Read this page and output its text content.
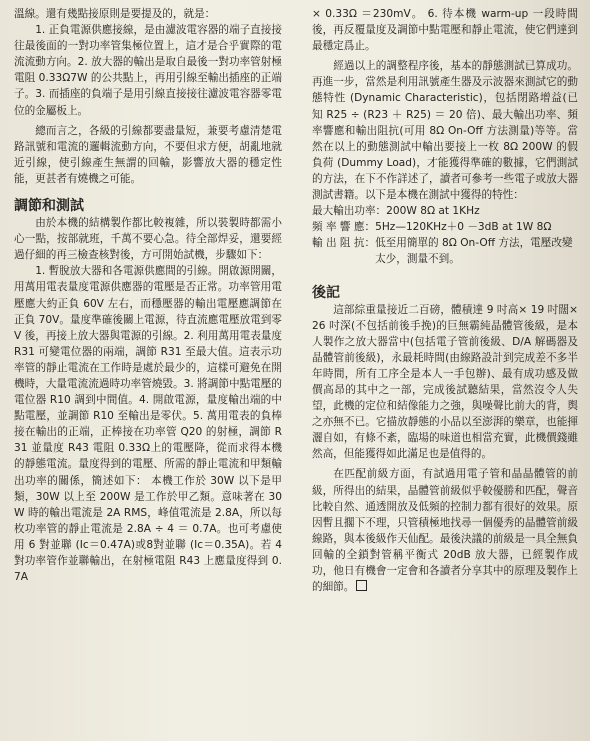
溫線。還有幾點接原則是要提及的，就是：

1. 正負電源供應接線，是由濾波電容器的端子直接接往最後面的一對功率管集極位置上，這才是合乎實際的電流流動方向。2. 放大器的輸出是取自最後一對功率管射極電阻 0.33Ω7W 的公共點上，再用引線至輸出插座的正端子。3. 而插座的負端子是用引線直接接往濾波電容器零電位的金屬板上。

總而言之，各級的引線都要盡量短，兼要考慮清楚電路訊號和電流的邏輯流動方向，不要但求方便，胡亂地就近引線，使引線產生無謂的回輸，影響放大器的穩定性能，更甚者有燒機之可能。

調節和測試

由於本機的結構製作都比較複雜，所以裝製時都需小心一點，按部就班，千萬不要心急。待全部焊妥，還要經過仔細的再三檢查核對後，方可開始試機，步驟如下：

1. 暫脫放大器和各電源供應間的引線。開啟源開關，用萬用電表量度電源供應器的電壓是否正常。功率管用電壓應大約正負 60V 左右，而穩壓器的輸出電壓應調節在正負 70V。量度準確後關上電源，待直流應電壓放電到零 V 後，再接上放大器與電源的引線。2. 利用萬用電表量度 R31 可變電位器的兩端，調節 R31 至最大值。這表示功率管的靜止電流在工作時是處於最少的，這樣可避免在開機時，大量電流流過時功率管燒毀。3. 將調節中點電壓的電位器 R10 調到中間值。4. 開啟電源，量度輸出端的中點電壓，並調節 R10 至輸出是零伏。5. 萬用電表的負棒接在輸出的正端，正棒接在功率管 Q20 的射極，調節 R31 並量度 R43 電阻 0.33Ω上的電壓降，從而求得本機的靜態電流。量度得到的電壓、所需的靜止電流和甲類輸出功率的關係，簡述如下： 本機工作於 30W 以下是甲類，30W 以上至 200W 是工作於甲乙類。意味著在 30W 時的輸出電流是 2A RMS，峰值電流是 2.8A，所以每枚功率管的靜止電流是 2.8A ÷ 4 ＝ 0.7A。也可考慮使用 6 對並聯 (Ic＝0.47A)或8對並聯 (Ic＝0.35A)。若 4 對功率管作並聯輸出，在射極電阻 R43 上應量度得到 0.7A

× 0.33Ω ＝230mV。 6. 待本機 warm-up 一段時間後，再反覆量度及調節中點電壓和靜止電流，使它們達到最穩定爲止。

經過以上的調整程序後，基本的靜態測試已算成功。再進一步，當然是利用訊號產生器及示波器來測試它的動態特性 (Dynamic Characteristic)，包括閉路增益(已知 R25 ÷ (R23 ＋ R25) ＝ 20 倍)、最大輸出功率、頻率響應和輸出阻抗(可用 8Ω On-Off 方法測量)等等。當然在以上的動態測試中輸出要接上一枚 8Ω 200W 的假負荷 (Dummy Load)，才能獲得準確的數據，它們測試的方法，在下不作詳述了，讀者可參考一些電子或放大器測試書籍。以下是本機在測試中獲得的特性：

最大輸出功率： 200W 8Ω at 1KHz
頻 率 響 應： 5Hz—120KHz＋0 －3dB at 1W 8Ω
輸 出 阻 抗： 低至用簡單的 8Ω On-Off 方法，電壓改變太少，測量不到。
後記

這部綜重量接近二百磅，體積達 9 吋高× 19 吋闊× 26 吋深(不包括前後手挽)的巨無霸純晶體管後級，是本人製作之放大器當中(包括電子管前後級、D/A 解碼器及晶體管前後級)，永最耗時間(由線路設計到完成差不多半年時間，所有工序全是本人一手包辦)、最有成功感及做價高昂的其中之一部，完成後試聽結果，當然沒令人失望，此機的定位和結像能力之強，與噪聲比前大的背，舆之亦無不已。它描放靜態的小品以至澎湃的樂章，也能揮灑自如，有條不紊，臨場的味道也相當充實，此機價錢雖然高，但能獲得如此滿足也是值得的。

在匹配前級方面，有試過用電子管和晶晶體管的前級，所得出的結果，晶體管前級似乎較優勝和匹配，聲音比較自然、通透開放及低頻的控制力都有很好的效果。原因暫且擱下不理，只管積極地找尋一個優秀的晶體管前級線路，與本後級作天仙配。最後決議的前級是一具全無負回輸的全鎖對管稱平衡式 20dB 放大器，已經製作成功，他日有機會一定會和各讀者分享其中的原理及製作上的細節。
